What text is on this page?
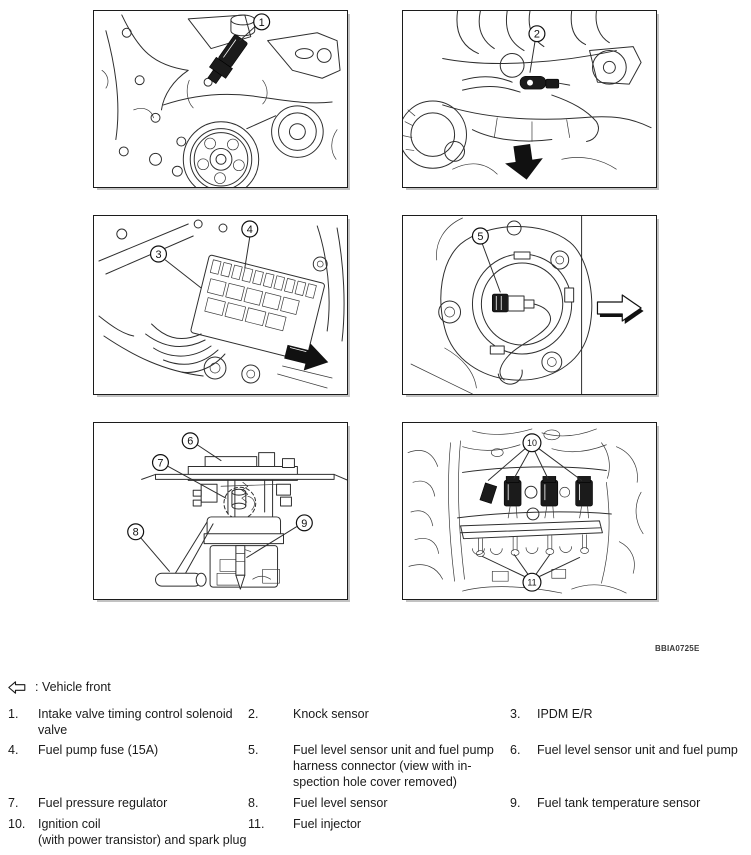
1
2
3
4
5
6
7
8
9
10
11
BBIA0725E
: Vehicle front
1.	Intake valve timing control solenoid
valve
2.	Knock sensor	3.	IPDM E/R
4.	Fuel pump fuse (15A)	5.	Fuel level sensor unit and fuel pump
harness connector (view with in-
spection hole cover removed)
6.	Fuel level sensor unit and fuel pump
7.	Fuel pressure regulator	8.	Fuel level sensor	9.	Fuel tank temperature sensor
10.	Ignition coil
(with power transistor) and spark plug
11.	Fuel injector
